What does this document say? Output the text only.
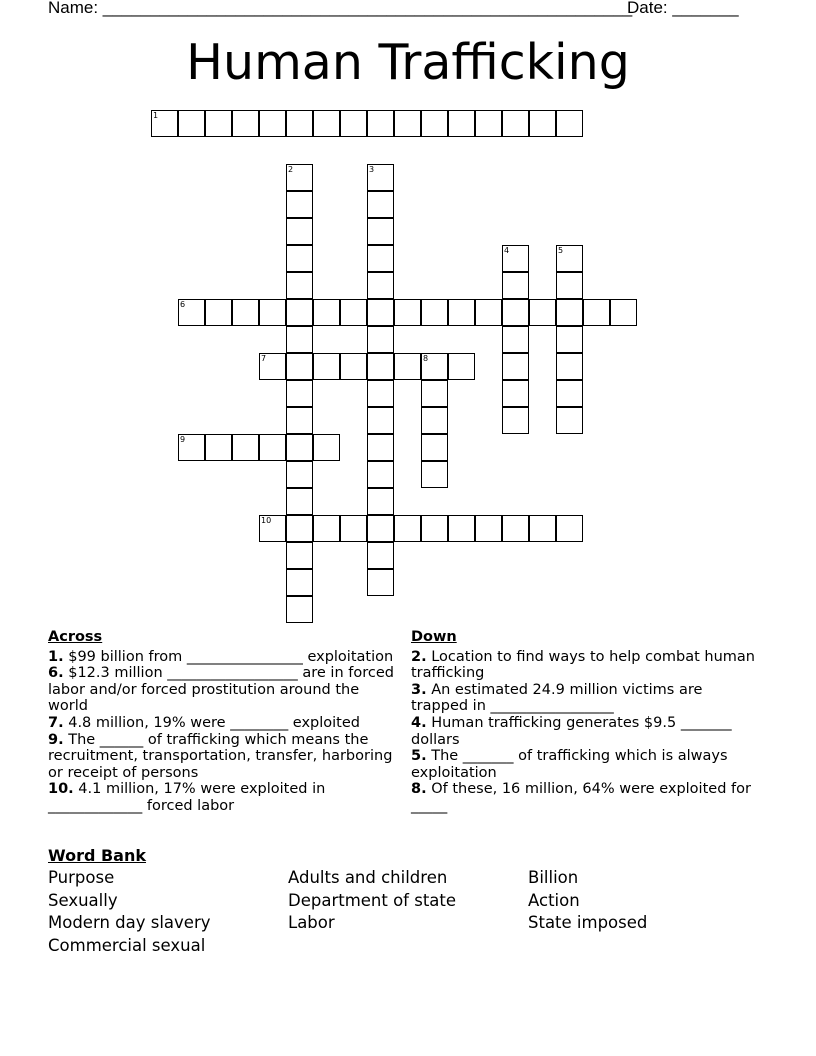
Name: ________________________________________________________
Date: _______
Human Trafficking
1
2	3
4	5
6
7	8
9
10
Across
1. $99 billion from ________________ exploitation
6. $12.3 million __________________ are in forced labor and/or forced prostitution around the world
7. 4.8 million, 19% were ________ exploited
9. The ______ of trafficking which means the recruitment, transportation, transfer, harboring or receipt of persons
10. 4.1 million, 17% were exploited in _____________ forced labor
Down
2. Location to find ways to help combat human trafficking
3. An estimated 24.9 million victims are trapped in _________________
4. Human trafficking generates $9.5 _______ dollars
5. The _______ of trafficking which is always exploitation
8. Of these, 16 million, 64% were exploited for _____
Word Bank
Purpose
Sexually
Modern day slavery
Commercial sexual
Adults and children
Department of state
Labor
Billion
Action
State imposed
